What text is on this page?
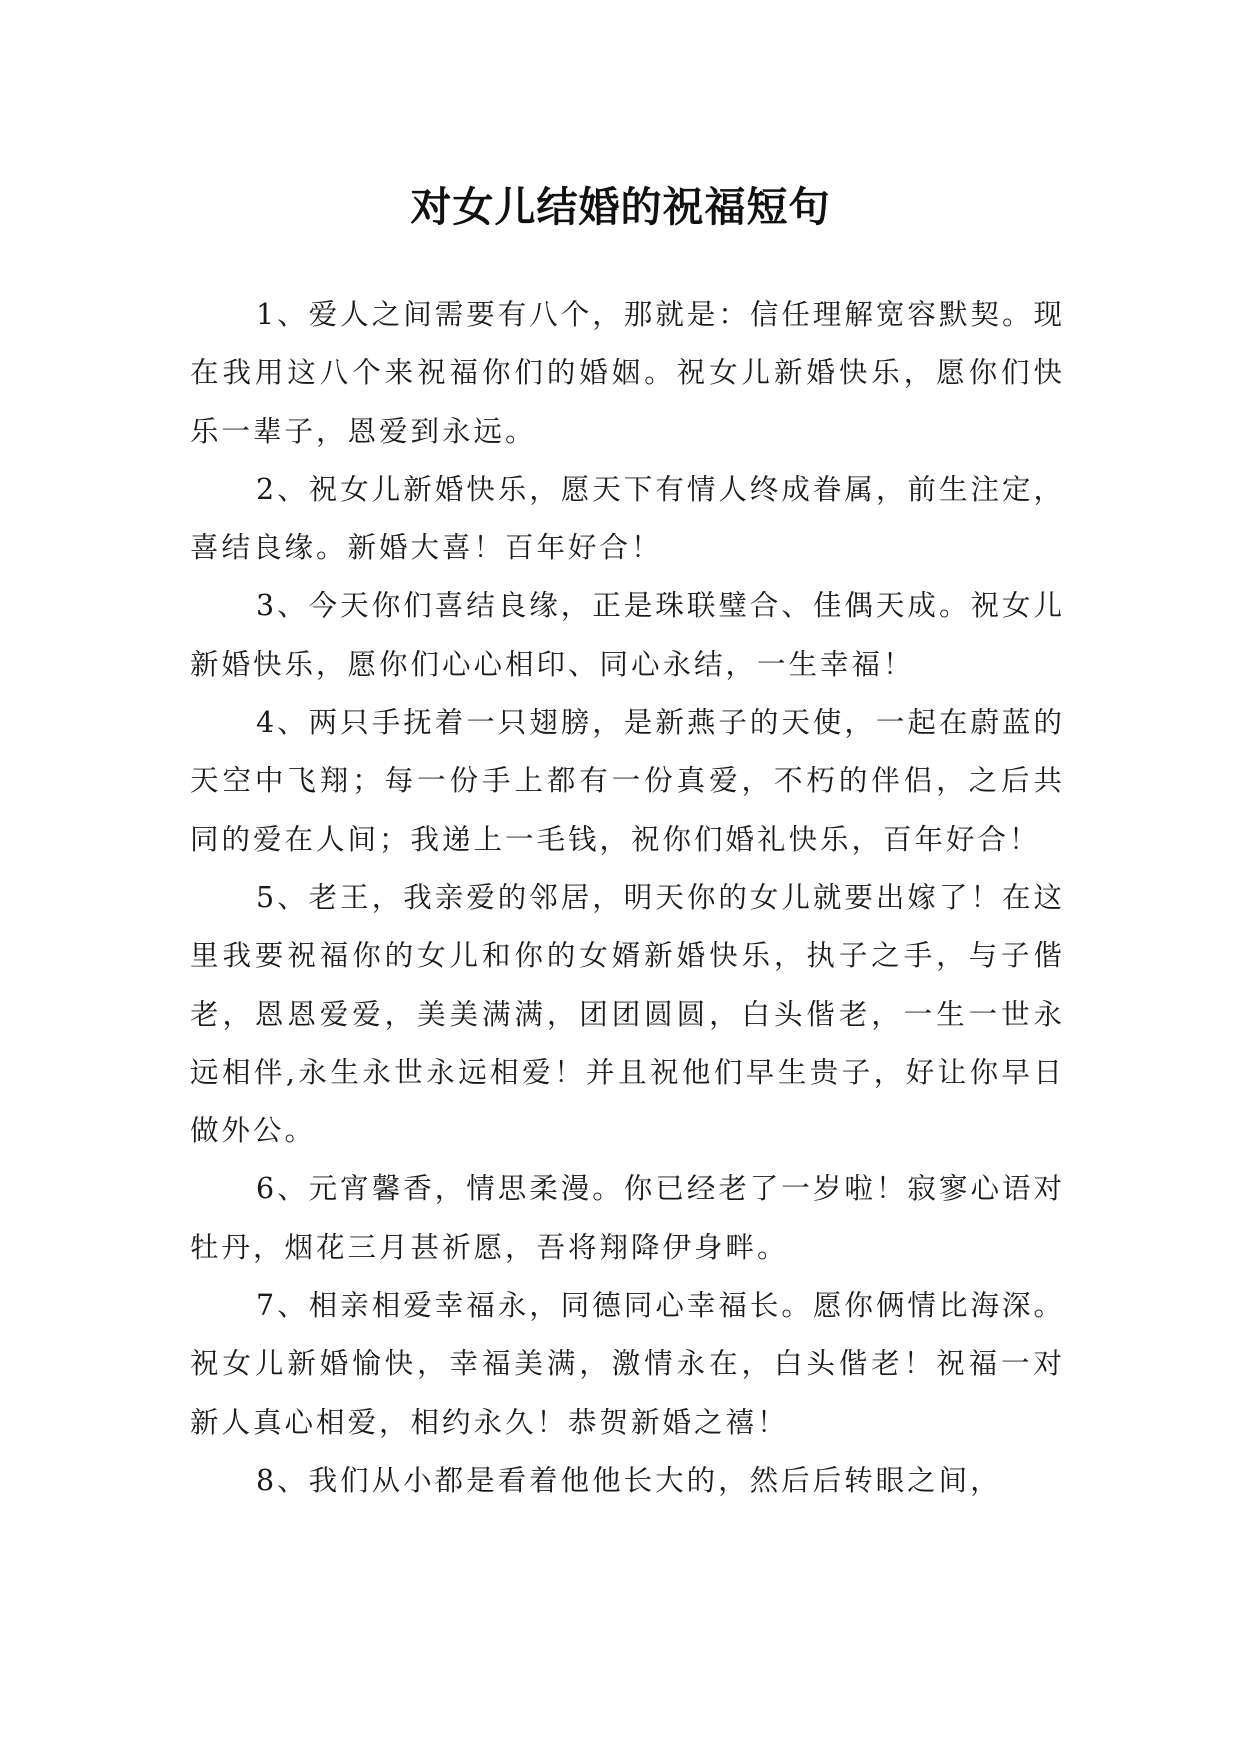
对女儿结婚的祝福短句

1、爱人之间需要有八个，那就是：信任理解宽容默契。现在我用这八个来祝福你们的婚姻。祝女儿新婚快乐，愿你们快乐一辈子，恩爱到永远。

2、祝女儿新婚快乐，愿天下有情人终成眷属，前生注定，喜结良缘。新婚大喜！百年好合！

3、今天你们喜结良缘，正是珠联璧合、佳偶天成。祝女儿新婚快乐，愿你们心心相印、同心永结，一生幸福！

4、两只手抚着一只翅膀，是新燕子的天使，一起在蔚蓝的天空中飞翔；每一份手上都有一份真爱，不朽的伴侣，之后共同的爱在人间；我递上一毛钱，祝你们婚礼快乐，百年好合！

5、老王，我亲爱的邻居，明天你的女儿就要出嫁了！在这里我要祝福你的女儿和你的女婿新婚快乐，执子之手，与子偕老，恩恩爱爱，美美满满，团团圆圆，白头偕老，一生一世永远相伴,永生永世永远相爱！并且祝他们早生贵子，好让你早日做外公。

6、元宵馨香，情思柔漫。你已经老了一岁啦！寂寥心语对牡丹，烟花三月甚祈愿，吾将翔降伊身畔。

7、相亲相爱幸福永，同德同心幸福长。愿你俩情比海深。祝女儿新婚愉快，幸福美满，激情永在，白头偕老！祝福一对新人真心相爱，相约永久！恭贺新婚之禧！

8、我们从小都是看着他他长大的，然后后转眼之间，
